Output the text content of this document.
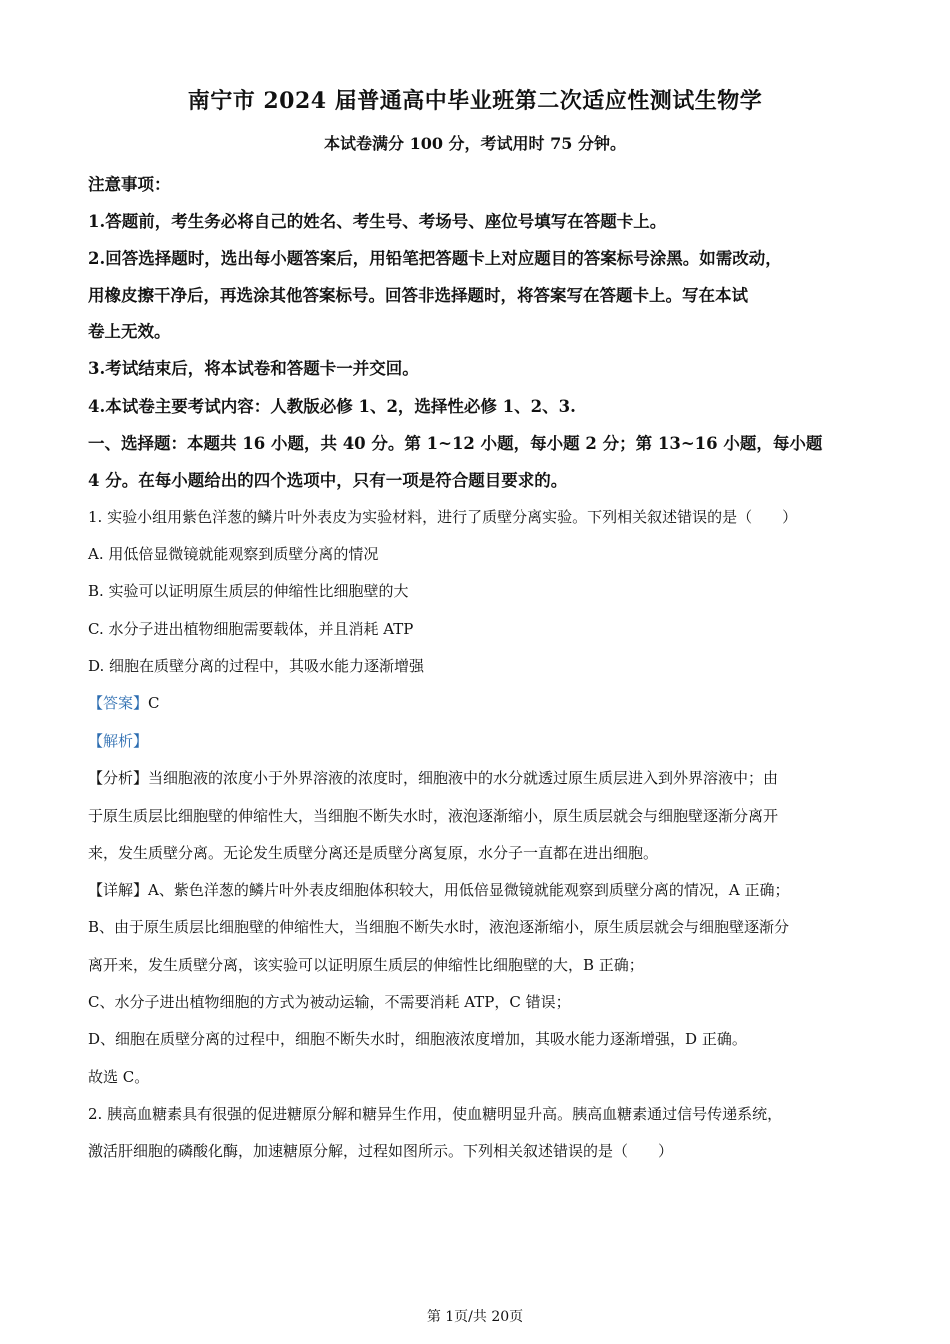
南宁市 2024 届普通高中毕业班第二次适应性测试生物学
本试卷满分 100 分，考试用时 75 分钟。
注意事项：
1.答题前，考生务必将自己的姓名、考生号、考场号、座位号填写在答题卡上。
2.回答选择题时，选出每小题答案后，用铅笔把答题卡上对应题目的答案标号涂黑。如需改动，
用橡皮擦干净后，再选涂其他答案标号。回答非选择题时，将答案写在答题卡上。写在本试
卷上无效。
3.考试结束后，将本试卷和答题卡一并交回。
4.本试卷主要考试内容：人教版必修 1、2，选择性必修 1、2、3.
一、选择题：本题共 16 小题，共 40 分。第 1~12 小题，每小题 2 分；第 13~16 小题，每小题
4 分。在每小题给出的四个选项中，只有一项是符合题目要求的。
1. 实验小组用紫色洋葱的鳞片叶外表皮为实验材料，进行了质壁分离实验。下列相关叙述错误的是（　　）
A. 用低倍显微镜就能观察到质壁分离的情况
B. 实验可以证明原生质层的伸缩性比细胞壁的大
C. 水分子进出植物细胞需要载体，并且消耗 ATP
D. 细胞在质壁分离的过程中，其吸水能力逐渐增强
【答案】C
【解析】
【分析】当细胞液的浓度小于外界溶液的浓度时，细胞液中的水分就透过原生质层进入到外界溶液中；由
于原生质层比细胞壁的伸缩性大，当细胞不断失水时，液泡逐渐缩小，原生质层就会与细胞壁逐渐分离开
来，发生质壁分离。无论发生质壁分离还是质壁分离复原，水分子一直都在进出细胞。
【详解】A、紫色洋葱的鳞片叶外表皮细胞体积较大，用低倍显微镜就能观察到质壁分离的情况，A 正确；
B、由于原生质层比细胞壁的伸缩性大，当细胞不断失水时，液泡逐渐缩小，原生质层就会与细胞壁逐渐分
离开来，发生质壁分离，该实验可以证明原生质层的伸缩性比细胞壁的大，B 正确；
C、水分子进出植物细胞的方式为被动运输，不需要消耗 ATP，C 错误；
D、细胞在质壁分离的过程中，细胞不断失水时，细胞液浓度增加，其吸水能力逐渐增强，D 正确。
故选 C。
2. 胰高血糖素具有很强的促进糖原分解和糖异生作用，使血糖明显升高。胰高血糖素通过信号传递系统，
激活肝细胞的磷酸化酶，加速糖原分解，过程如图所示。下列相关叙述错误的是（　　）
第 1页/共 20页
